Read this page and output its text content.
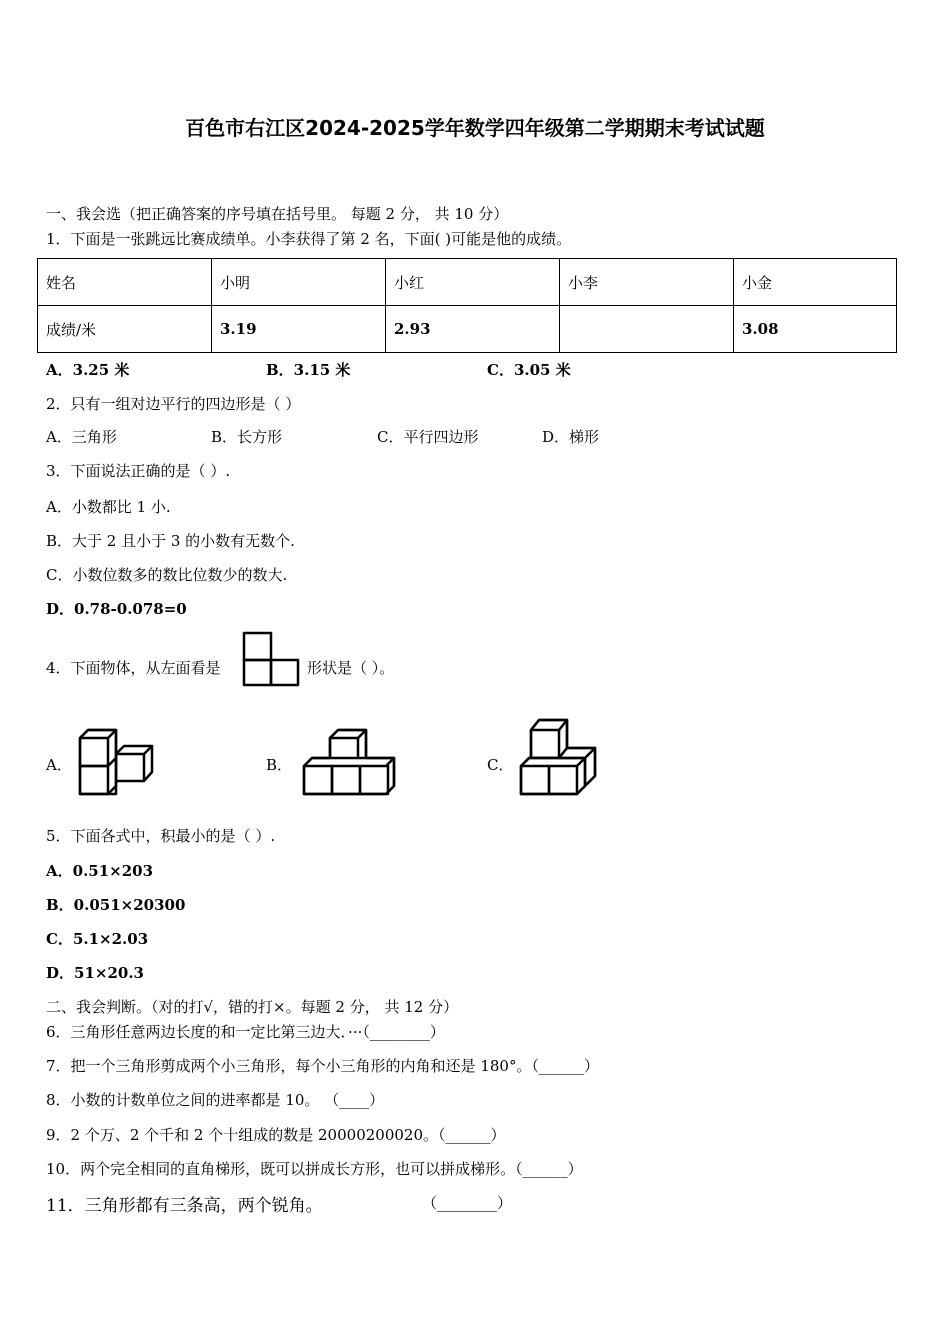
百色市右江区2024-2025学年数学四年级第二学期期末考试试题
一、我会选（把正确答案的序号填在括号里。 每题 2 分， 共 10 分）
1．下面是一张跳远比赛成绩单。小李获得了第 2 名，下面( )可能是他的成绩。
姓名	小明	小红	小李	小金
成绩/米	3.19	2.93		3.08
A．3.25 米	B．3.15 米	C．3.05 米
2．只有一组对边平行的四边形是（ ）
A．三角形	B．长方形	C．平行四边形	D．梯形
3．下面说法正确的是（ ）.
A．小数都比 1 小.
B．大于 2 且小于 3 的小数有无数个.
C．小数位数多的数比位数少的数大.
D．0.78-0.078=0
4．下面物体，从左面看是	形状是（ ）。
A．	B．	C．
5．下面各式中，积最小的是（ ）.
A．0.51×203
B．0.051×20300
C．5.1×2.03
D．51×20.3
二、我会判断。（对的打√，错的打×。每题 2 分， 共 12 分）
6．三角形任意两边长度的和一定比第三边大．···（________）
7．把一个三角形剪成两个小三角形，每个小三角形的内角和还是 180°。（______）
8．小数的计数单位之间的进率都是 10。 （____）
9．2 个万、2 个千和 2 个十组成的数是 20000200020。（______）
10．两个完全相同的直角梯形，既可以拼成长方形，也可以拼成梯形。（______）
11．三角形都有三条高，两个锐角。	（________）
